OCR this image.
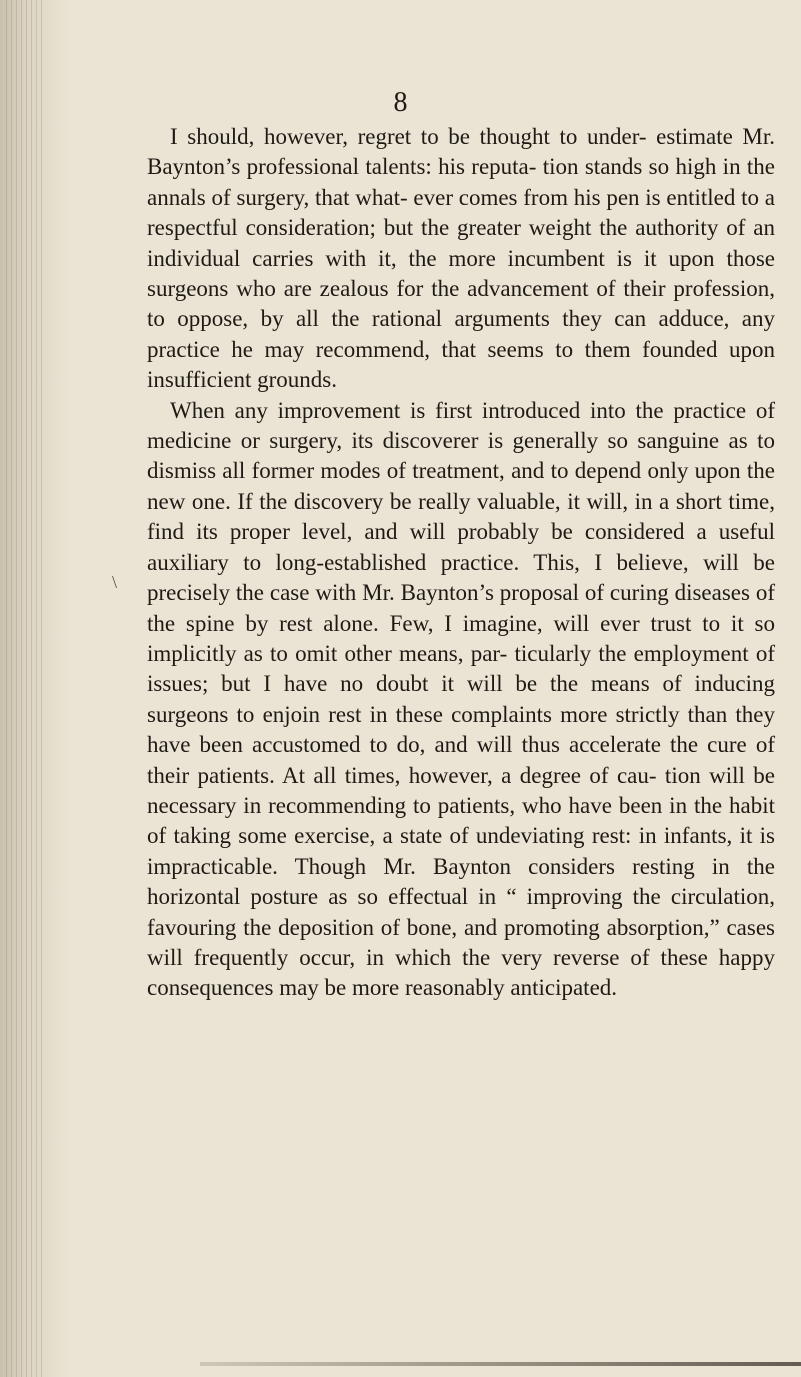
8
\

I should, however, regret to be thought to under- estimate Mr. Baynton’s professional talents: his reputa- tion stands so high in the annals of surgery, that what- ever comes from his pen is entitled to a respectful consideration; but the greater weight the authority of an individual carries with it, the more incumbent is it upon those surgeons who are zealous for the advancement of their profession, to oppose, by all the rational arguments they can adduce, any practice he may recommend, that seems to them founded upon insufficient grounds.

When any improvement is first introduced into the practice of medicine or surgery, its discoverer is generally so sanguine as to dismiss all former modes of treatment, and to depend only upon the new one. If the discovery be really valuable, it will, in a short time, find its proper level, and will probably be considered a useful auxiliary to long-established practice. This, I believe, will be precisely the case with Mr. Baynton’s proposal of curing diseases of the spine by rest alone. Few, I imagine, will ever trust to it so implicitly as to omit other means, par- ticularly the employment of issues; but I have no doubt it will be the means of inducing surgeons to enjoin rest in these complaints more strictly than they have been accustomed to do, and will thus accelerate the cure of their patients. At all times, however, a degree of cau- tion will be necessary in recommending to patients, who have been in the habit of taking some exercise, a state of undeviating rest: in infants, it is impracticable. Though Mr. Baynton considers resting in the horizontal posture as so effectual in “ improving the circulation, favouring the deposition of bone, and promoting absorption,” cases will frequently occur, in which the very reverse of these happy consequences may be more reasonably anticipated.
